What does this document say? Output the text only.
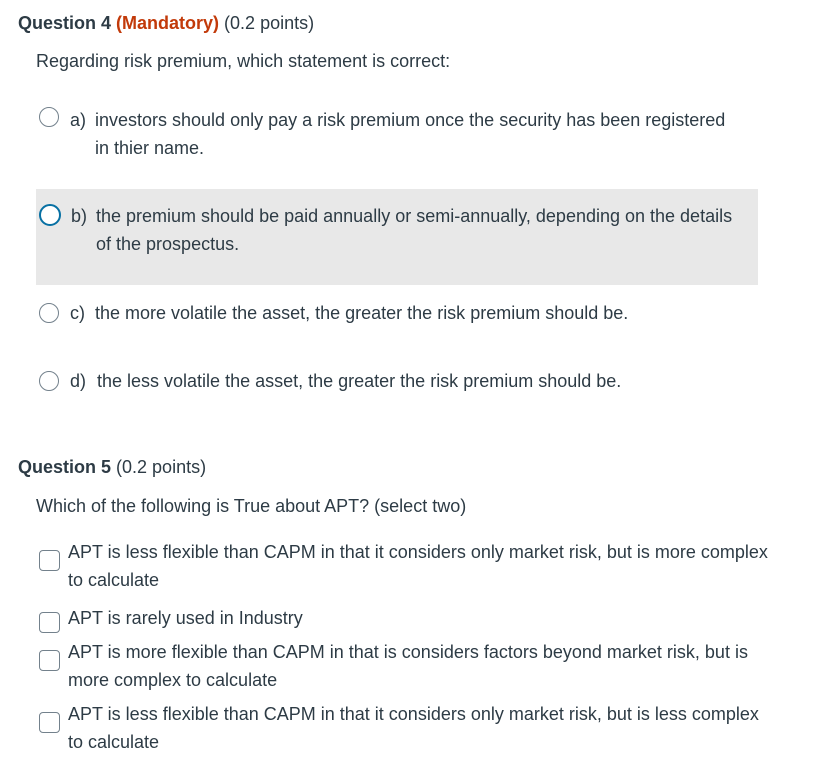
Question 4 (Mandatory) (0.2 points)
Regarding risk premium, which statement is correct:
a) investors should only pay a risk premium once the security has been registered in thier name.
b) the premium should be paid annually or semi-annually, depending on the details of the prospectus.
c) the more volatile the asset, the greater the risk premium should be.
d) the less volatile the asset, the greater the risk premium should be.
Question 5 (0.2 points)
Which of the following is True about APT? (select two)
APT is less flexible than CAPM in that it considers only market risk, but is more complex to calculate
APT is rarely used in Industry
APT is more flexible than CAPM in that is considers factors beyond market risk, but is more complex to calculate
APT is less flexible than CAPM in that it considers only market risk, but is less complex to calculate
